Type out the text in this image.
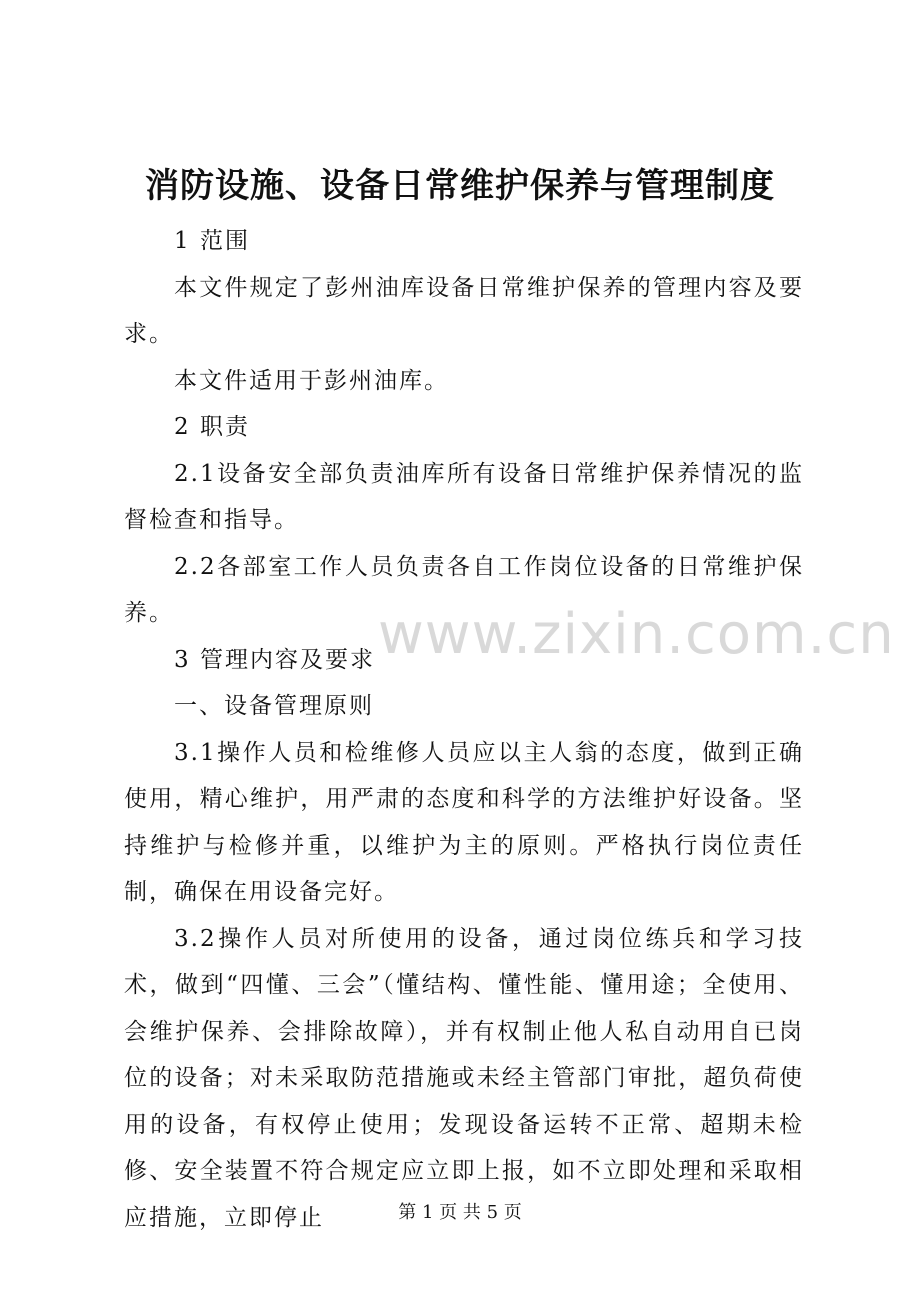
消防设施、设备日常维护保养与管理制度

1 范围

本文件规定了彭州油库设备日常维护保养的管理内容及要求。

本文件适用于彭州油库。

2 职责

2.1设备安全部负责油库所有设备日常维护保养情况的监督检查和指导。

2.2各部室工作人员负责各自工作岗位设备的日常维护保养。

3 管理内容及要求

一、设备管理原则

3.1操作人员和检维修人员应以主人翁的态度，做到正确使用，精心维护，用严肃的态度和科学的方法维护好设备。坚持维护与检修并重，以维护为主的原则。严格执行岗位责任制，确保在用设备完好。

3.2操作人员对所使用的设备，通过岗位练兵和学习技术，做到“四懂、三会”（懂结构、懂性能、懂用途；全使用、会维护保养、会排除故障），并有权制止他人私自动用自已岗位的设备；对未采取防范措施或未经主管部门审批，超负荷使用的设备，有权停止使用；发现设备运转不正常、超期未检修、安全装置不符合规定应立即上报，如不立即处理和采取相应措施，立即停止

www.zixin.com.cn
第 1 页 共 5 页
